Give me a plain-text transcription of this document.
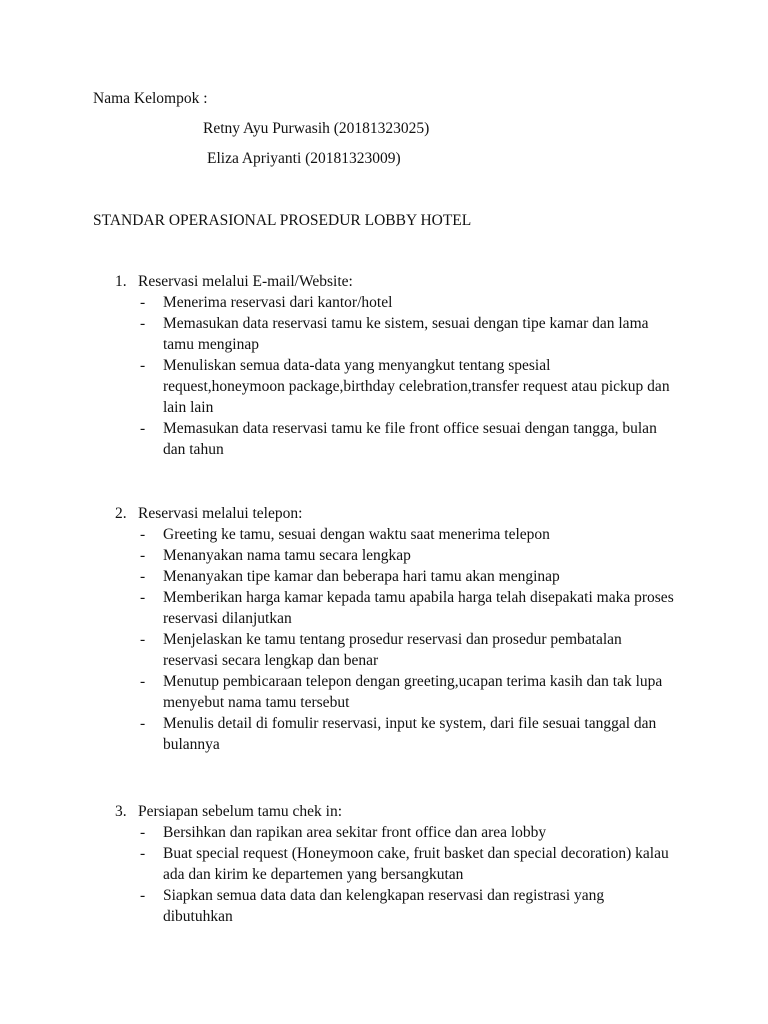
Nama Kelompok :
Retny Ayu Purwasih (20181323025)
Eliza Apriyanti (20181323009)
STANDAR OPERASIONAL PROSEDUR LOBBY HOTEL
1. Reservasi melalui E-mail/Website:
- Menerima reservasi dari kantor/hotel
- Memasukan data reservasi tamu ke sistem, sesuai dengan tipe kamar dan lama tamu menginap
- Menuliskan semua data-data yang menyangkut tentang spesial request,honeymoon package,birthday celebration,transfer request atau pickup dan lain lain
- Memasukan data reservasi tamu ke file front office sesuai dengan tangga, bulan dan tahun
2. Reservasi melalui telepon:
- Greeting ke tamu, sesuai dengan waktu saat menerima telepon
- Menanyakan nama tamu secara lengkap
- Menanyakan tipe kamar dan beberapa hari tamu akan menginap
- Memberikan harga kamar kepada tamu apabila harga telah disepakati maka proses reservasi dilanjutkan
- Menjelaskan ke tamu tentang prosedur reservasi dan prosedur pembatalan reservasi secara lengkap dan benar
- Menutup pembicaraan telepon dengan greeting,ucapan terima kasih dan tak lupa menyebut nama tamu tersebut
- Menulis detail di fomulir reservasi, input ke system, dari file sesuai tanggal dan bulannya
3. Persiapan sebelum tamu chek in:
- Bersihkan dan rapikan area sekitar front office dan area lobby
- Buat special request (Honeymoon cake, fruit basket dan special decoration) kalau ada dan kirim ke departemen yang bersangkutan
- Siapkan semua data data dan kelengkapan reservasi dan registrasi yang dibutuhkan
